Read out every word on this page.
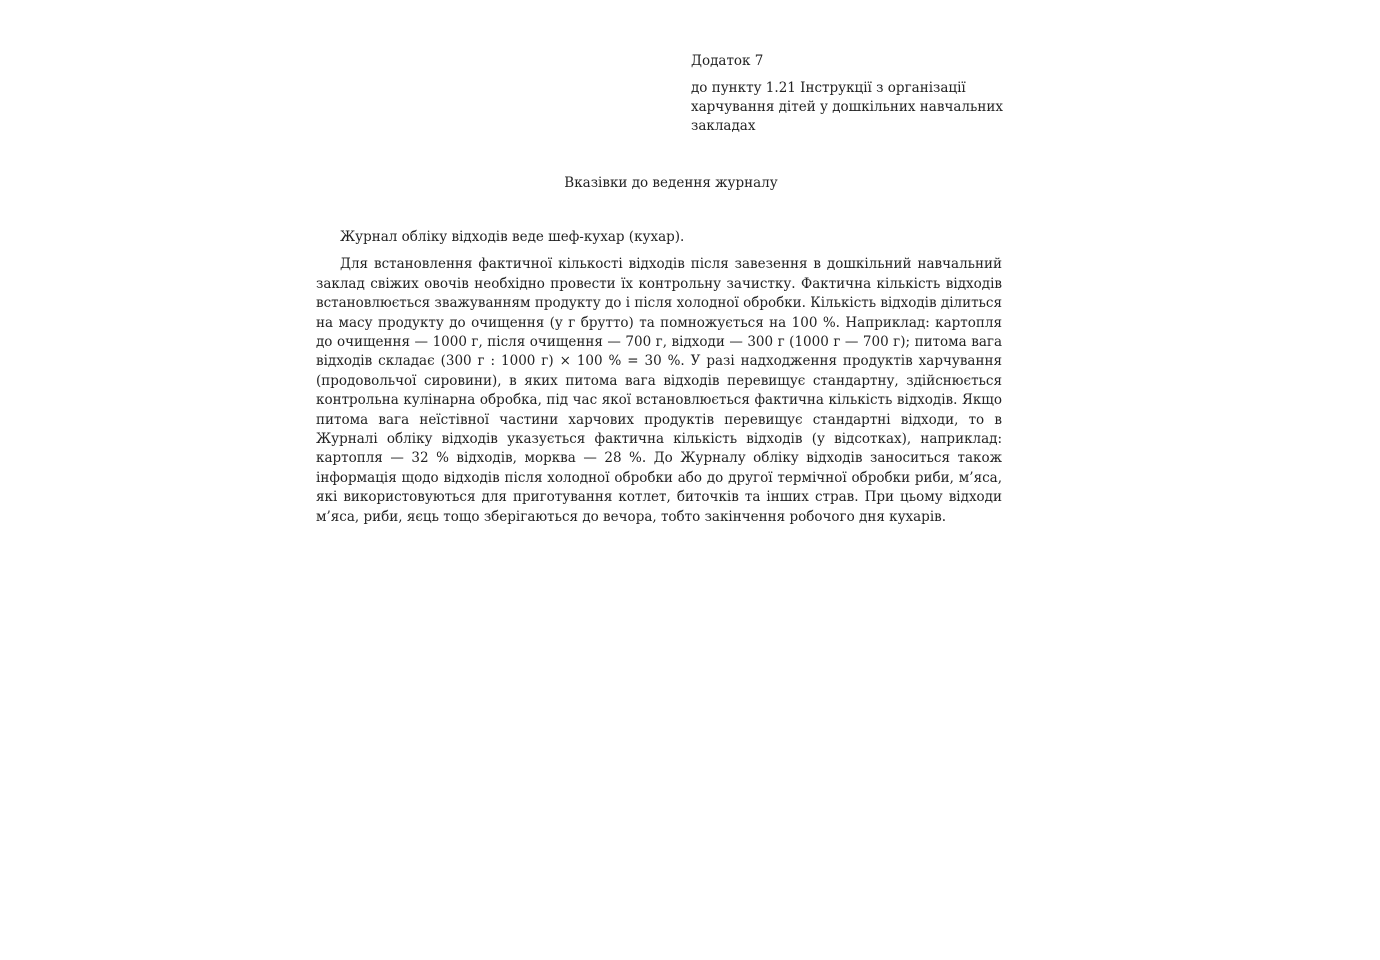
Додаток 7

до пункту 1.21 Інструкції з організації харчування дітей у дошкільних навчальних закладах

Вказівки до ведення журналу

Журнал обліку відходів веде шеф-кухар (кухар).

Для встановлення фактичної кількості відходів після завезення в дошкільний навчальний заклад свіжих овочів необхідно провести їх контрольну зачистку. Фактична кількість відходів встановлюється зважуванням продукту до і після холодної обробки. Кількість відходів ділиться на масу продукту до очищення (у г брутто) та помножується на 100 %. Наприклад: картопля до очищення — 1000 г, після очищення — 700 г, відходи — 300 г (1000 г — 700 г); питома вага відходів складає (300 г : 1000 г) × 100 % = 30 %. У разі надходження продуктів харчування (продовольчої сировини), в яких питома вага відходів перевищує стандартну, здійснюється контрольна кулінарна обробка, під час якої встановлюється фактична кількість відходів. Якщо питома вага неїстівної частини харчових продуктів перевищує стандартні відходи, то в Журналі обліку відходів указується фактична кількість відходів (у відсотках), наприклад: картопля — 32 % відходів, морква — 28 %. До Журналу обліку відходів заноситься також інформація щодо відходів після холодної обробки або до другої термічної обробки риби, м’яса, які використовуються для приготування котлет, биточків та інших страв. При цьому відходи м’яса, риби, яєць тощо зберігаються до вечора, тобто закінчення робочого дня кухарів.
